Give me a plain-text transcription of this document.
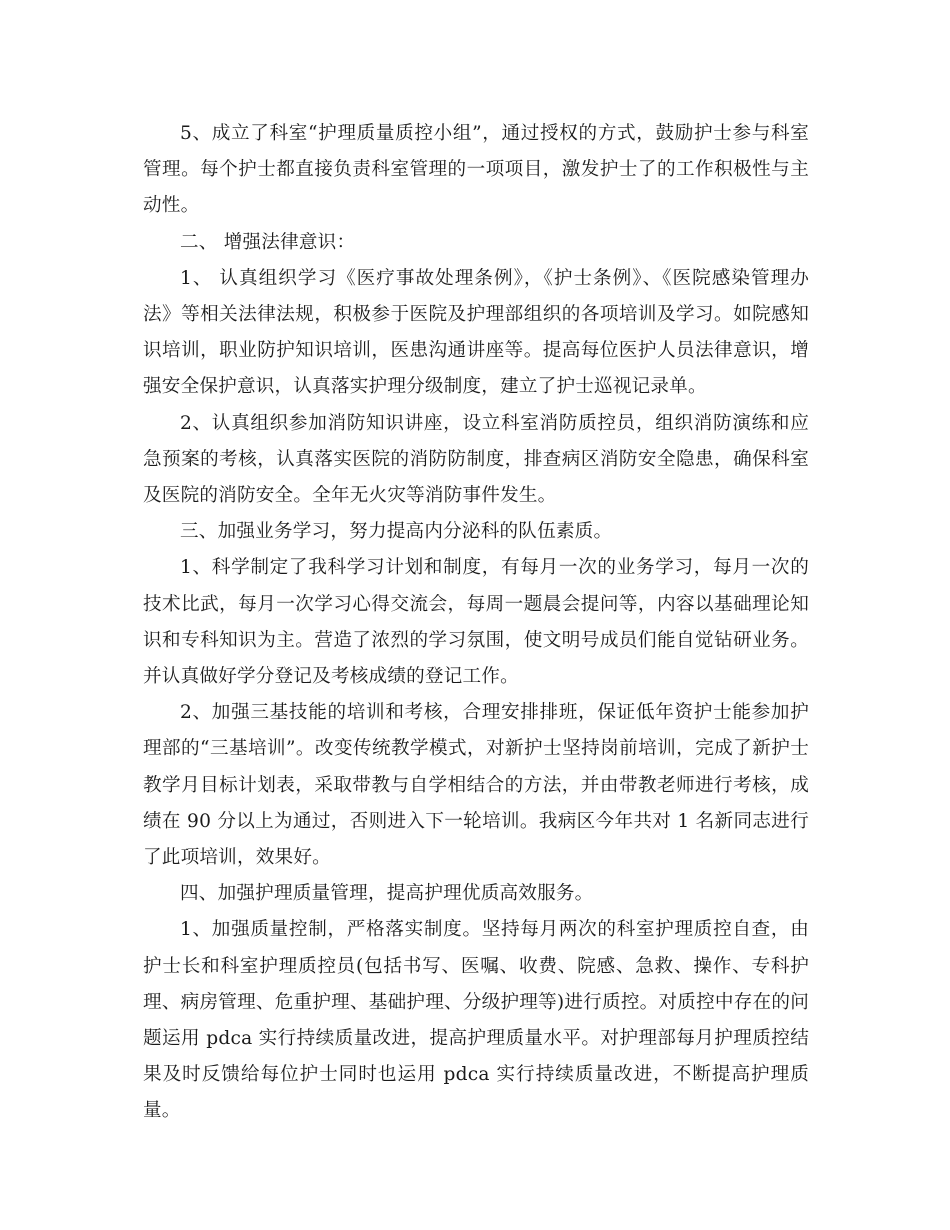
5、成立了科室“护理质量质控小组”，通过授权的方式，鼓励护士参与科室管理。每个护士都直接负责科室管理的一项项目，激发护士了的工作积极性与主动性。

二、 增强法律意识：

1、 认真组织学习《医疗事故处理条例》，《护士条例》、《医院感染管理办法》等相关法律法规，积极参于医院及护理部组织的各项培训及学习。如院感知识培训，职业防护知识培训，医患沟通讲座等。提高每位医护人员法律意识，增强安全保护意识，认真落实护理分级制度，建立了护士巡视记录单。

2、认真组织参加消防知识讲座，设立科室消防质控员，组织消防演练和应急预案的考核，认真落实医院的消防防制度，排查病区消防安全隐患，确保科室及医院的消防安全。全年无火灾等消防事件发生。

三、加强业务学习，努力提高内分泌科的队伍素质。

1、科学制定了我科学习计划和制度，有每月一次的业务学习，每月一次的技术比武，每月一次学习心得交流会，每周一题晨会提问等，内容以基础理论知识和专科知识为主。营造了浓烈的学习氛围，使文明号成员们能自觉钻研业务。并认真做好学分登记及考核成绩的登记工作。

2、加强三基技能的培训和考核，合理安排排班，保证低年资护士能参加护理部的“三基培训”。改变传统教学模式，对新护士坚持岗前培训，完成了新护士教学月目标计划表，采取带教与自学相结合的方法，并由带教老师进行考核，成绩在 90 分以上为通过，否则进入下一轮培训。我病区今年共对 1 名新同志进行了此项培训，效果好。

四、加强护理质量管理，提高护理优质高效服务。

1、加强质量控制，严格落实制度。坚持每月两次的科室护理质控自查，由护士长和科室护理质控员(包括书写、医嘱、收费、院感、急救、操作、专科护理、病房管理、危重护理、基础护理、分级护理等)进行质控。对质控中存在的问题运用 pdca 实行持续质量改进，提高护理质量水平。对护理部每月护理质控结果及时反馈给每位护士同时也运用 pdca 实行持续质量改进，不断提高护理质量。
